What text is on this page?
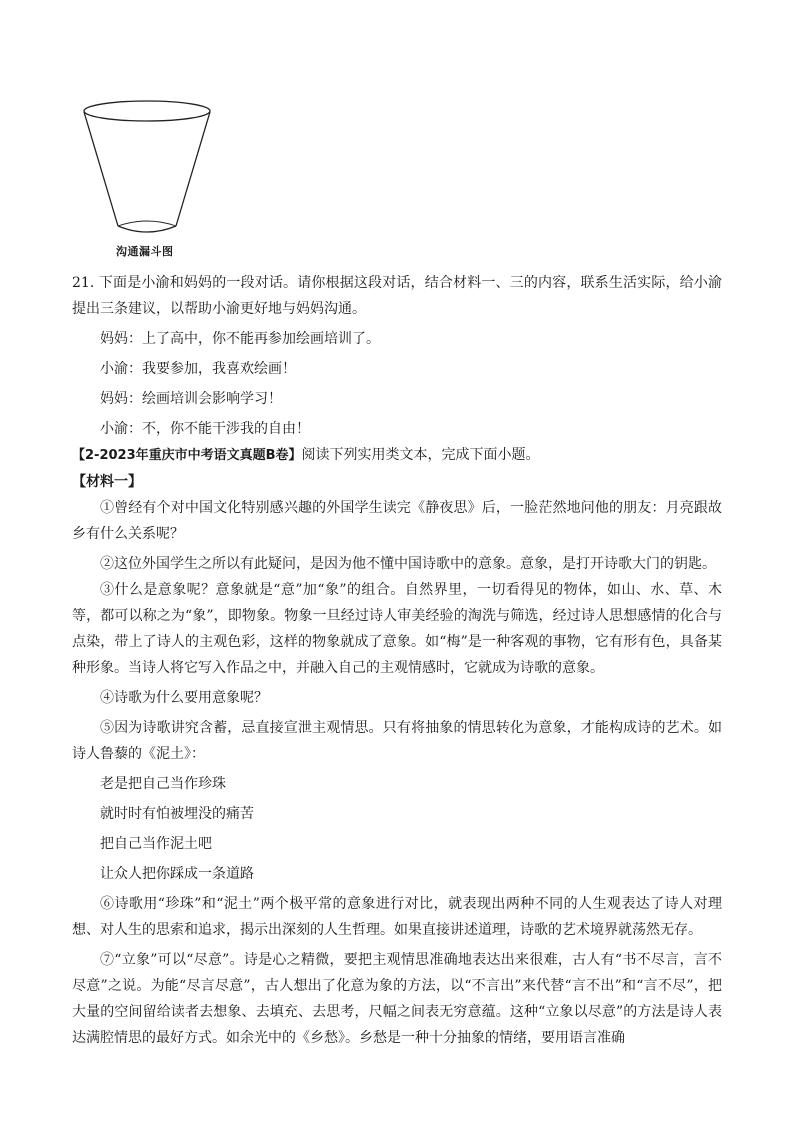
沟通漏斗图

21. 下面是小渝和妈妈的一段对话。请你根据这段对话，结合材料一、三的内容，联系生活实际，给小渝提出三条建议，以帮助小渝更好地与妈妈沟通。

妈妈：上了高中，你不能再参加绘画培训了。

小渝：我要参加，我喜欢绘画！

妈妈：绘画培训会影响学习！

小渝：不，你不能干涉我的自由！

【2-2023年重庆市中考语文真题B卷】阅读下列实用类文本，完成下面小题。

【材料一】

①曾经有个对中国文化特别感兴趣的外国学生读完《静夜思》后，一脸茫然地问他的朋友：月亮跟故乡有什么关系呢？

②这位外国学生之所以有此疑问，是因为他不懂中国诗歌中的意象。意象，是打开诗歌大门的钥匙。

③什么是意象呢？意象就是“意”加“象”的组合。自然界里，一切看得见的物体，如山、水、草、木等，都可以称之为“象”，即物象。物象一旦经过诗人审美经验的淘洗与筛选，经过诗人思想感情的化合与点染，带上了诗人的主观色彩，这样的物象就成了意象。如“梅”是一种客观的事物，它有形有色，具备某种形象。当诗人将它写入作品之中，并融入自己的主观情感时，它就成为诗歌的意象。

④诗歌为什么要用意象呢？

⑤因为诗歌讲究含蓄，忌直接宣泄主观情思。只有将抽象的情思转化为意象，才能构成诗的艺术。如诗人鲁藜的《泥土》：

老是把自己当作珍珠

就时时有怕被埋没的痛苦

把自己当作泥土吧

让众人把你踩成一条道路

⑥诗歌用“珍珠”和“泥土”两个极平常的意象进行对比，就表现出两种不同的人生观表达了诗人对理想、对人生的思索和追求，揭示出深刻的人生哲理。如果直接讲述道理，诗歌的艺术境界就荡然无存。

⑦“立象”可以“尽意”。诗是心之精微，要把主观情思准确地表达出来很难，古人有“书不尽言，言不尽意”之说。为能“尽言尽意”，古人想出了化意为象的方法，以“不言出”来代替“言不出”和“言不尽”，把大量的空间留给读者去想象、去填充、去思考，尺幅之间表无穷意蕴。这种“立象以尽意”的方法是诗人表达满腔情思的最好方式。如余光中的《乡愁》。乡愁是一种十分抽象的情绪，要用语言准确
